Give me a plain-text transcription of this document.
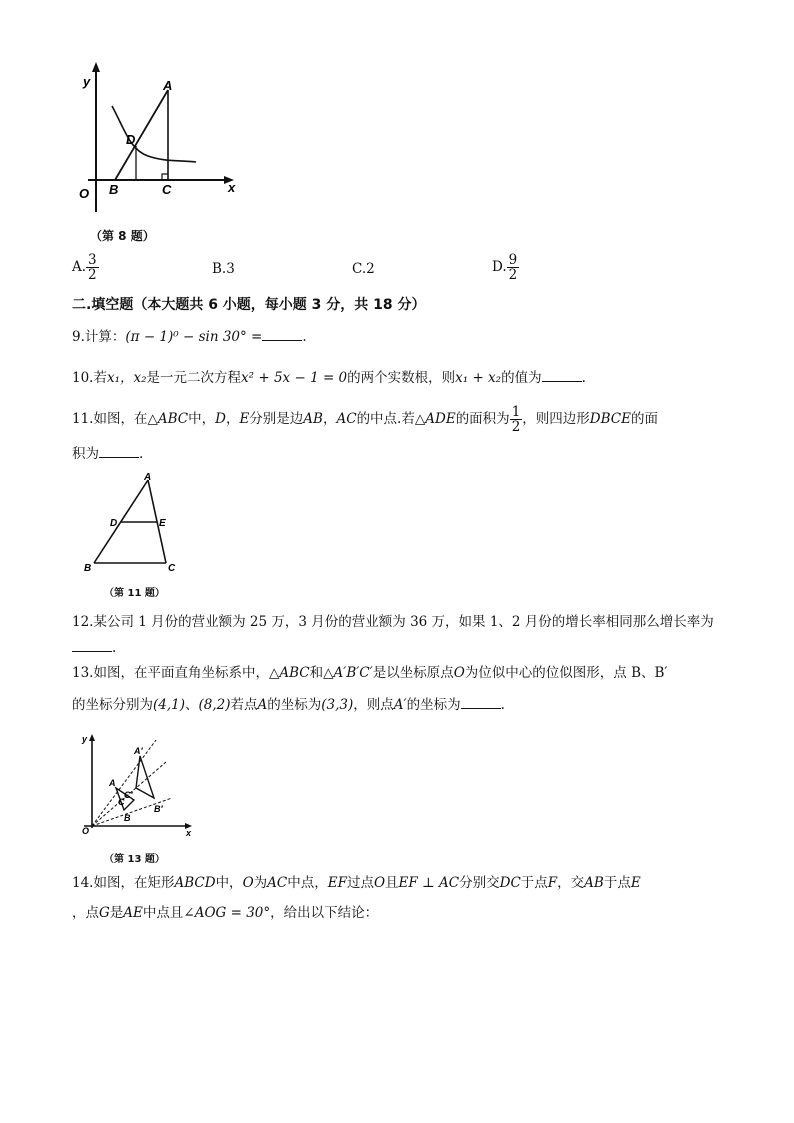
y
O B	C
A
D
x
（第 8 题）
A. $\frac{3}{2}$	B.3	C.2	D. $\frac{9}{2}$
二.填空题（本大题共 6 小题，每小题 3 分，共 18 分）
9.计算：(π − 1)⁰ − sin 30° =	.
10.若x₁，x₂是一元二次方程x² + 5x − 1 = 0的两个实数根，则x₁ + x₂的值为	.
11.如图，在△ABC中，D，E分别是边AB，AC的中点.若△ADE的面积为 $\frac{1}{2}$ ，则四边形DBCE的面
积为	.
A
D	E
B	C
（第 11 题）
12.某公司 1 月份的营业额为 25 万，3 月份的营业额为 36 万，如果 1、2 月份的增长率相同那么增长率为
.
13.如图，在平面直角坐标系中，△ABC和△A′B′C′是以坐标原点O为位似中心的位似图形，点 B、B′
的坐标分别为(4,1)、(8,2)若点A的坐标为(3,3)，则点A′的坐标为	.
y
O	x
A
B
C
A′
B′
C′
（第 13 题）
14.如图，在矩形ABCD中，O为AC中点，EF过点O且EF ⊥ AC分别交DC于点F，交AB于点E
，点G是AE中点且∠AOG = 30°，给出以下结论：
